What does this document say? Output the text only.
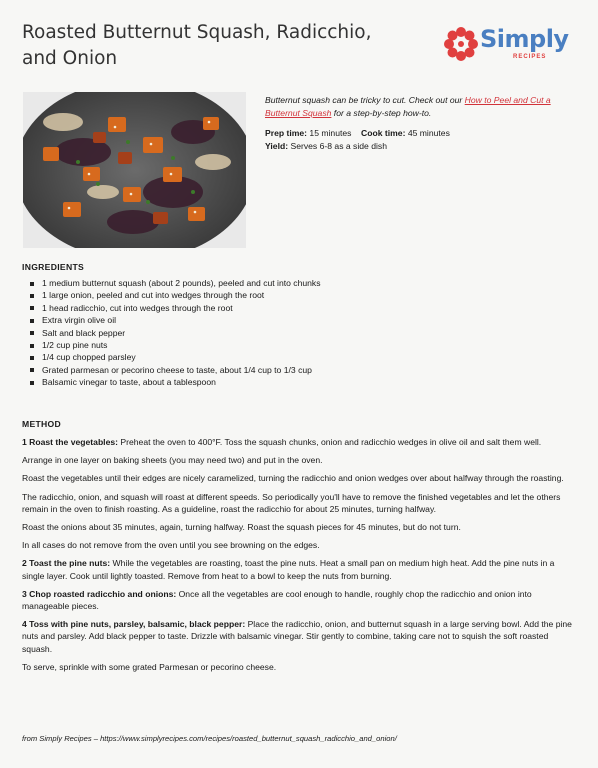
Roasted Butternut Squash, Radicchio, and Onion
Simply
RECIPES
Butternut squash can be tricky to cut. Check out our How to Peel and Cut a Butternut Squash for a step-by-step how-to.
Prep time: 15 minutes Cook time: 45 minutes
Yield: Serves 6-8 as a side dish
INGREDIENTS
1 medium butternut squash (about 2 pounds), peeled and cut into chunks
1 large onion, peeled and cut into wedges through the root
1 head radicchio, cut into wedges through the root
Extra virgin olive oil
Salt and black pepper
1/2 cup pine nuts
1/4 cup chopped parsley
Grated parmesan or pecorino cheese to taste, about 1/4 cup to 1/3 cup
Balsamic vinegar to taste, about a tablespoon
METHOD

1 Roast the vegetables: Preheat the oven to 400°F. Toss the squash chunks, onion and radicchio wedges in olive oil and salt them well.

Arrange in one layer on baking sheets (you may need two) and put in the oven.

Roast the vegetables until their edges are nicely caramelized, turning the radicchio and onion wedges over about halfway through the roasting.

The radicchio, onion, and squash will roast at different speeds. So periodically you'll have to remove the finished vegetables and let the others remain in the oven to finish roasting. As a guideline, roast the radicchio for about 25 minutes, turning halfway.

Roast the onions about 35 minutes, again, turning halfway. Roast the squash pieces for 45 minutes, but do not turn.

In all cases do not remove from the oven until you see browning on the edges.

2 Toast the pine nuts: While the vegetables are roasting, toast the pine nuts. Heat a small pan on medium high heat. Add the pine nuts in a single layer. Cook until lightly toasted. Remove from heat to a bowl to keep the nuts from burning.

3 Chop roasted radicchio and onions: Once all the vegetables are cool enough to handle, roughly chop the radicchio and onion into manageable pieces.

4 Toss with pine nuts, parsley, balsamic, black pepper: Place the radicchio, onion, and butternut squash in a large serving bowl. Add the pine nuts and parsley. Add black pepper to taste. Drizzle with balsamic vinegar. Stir gently to combine, taking care not to squish the soft roasted squash.

To serve, sprinkle with some grated Parmesan or pecorino cheese.

from Simply Recipes – https://www.simplyrecipes.com/recipes/roasted_butternut_squash_radicchio_and_onion/
